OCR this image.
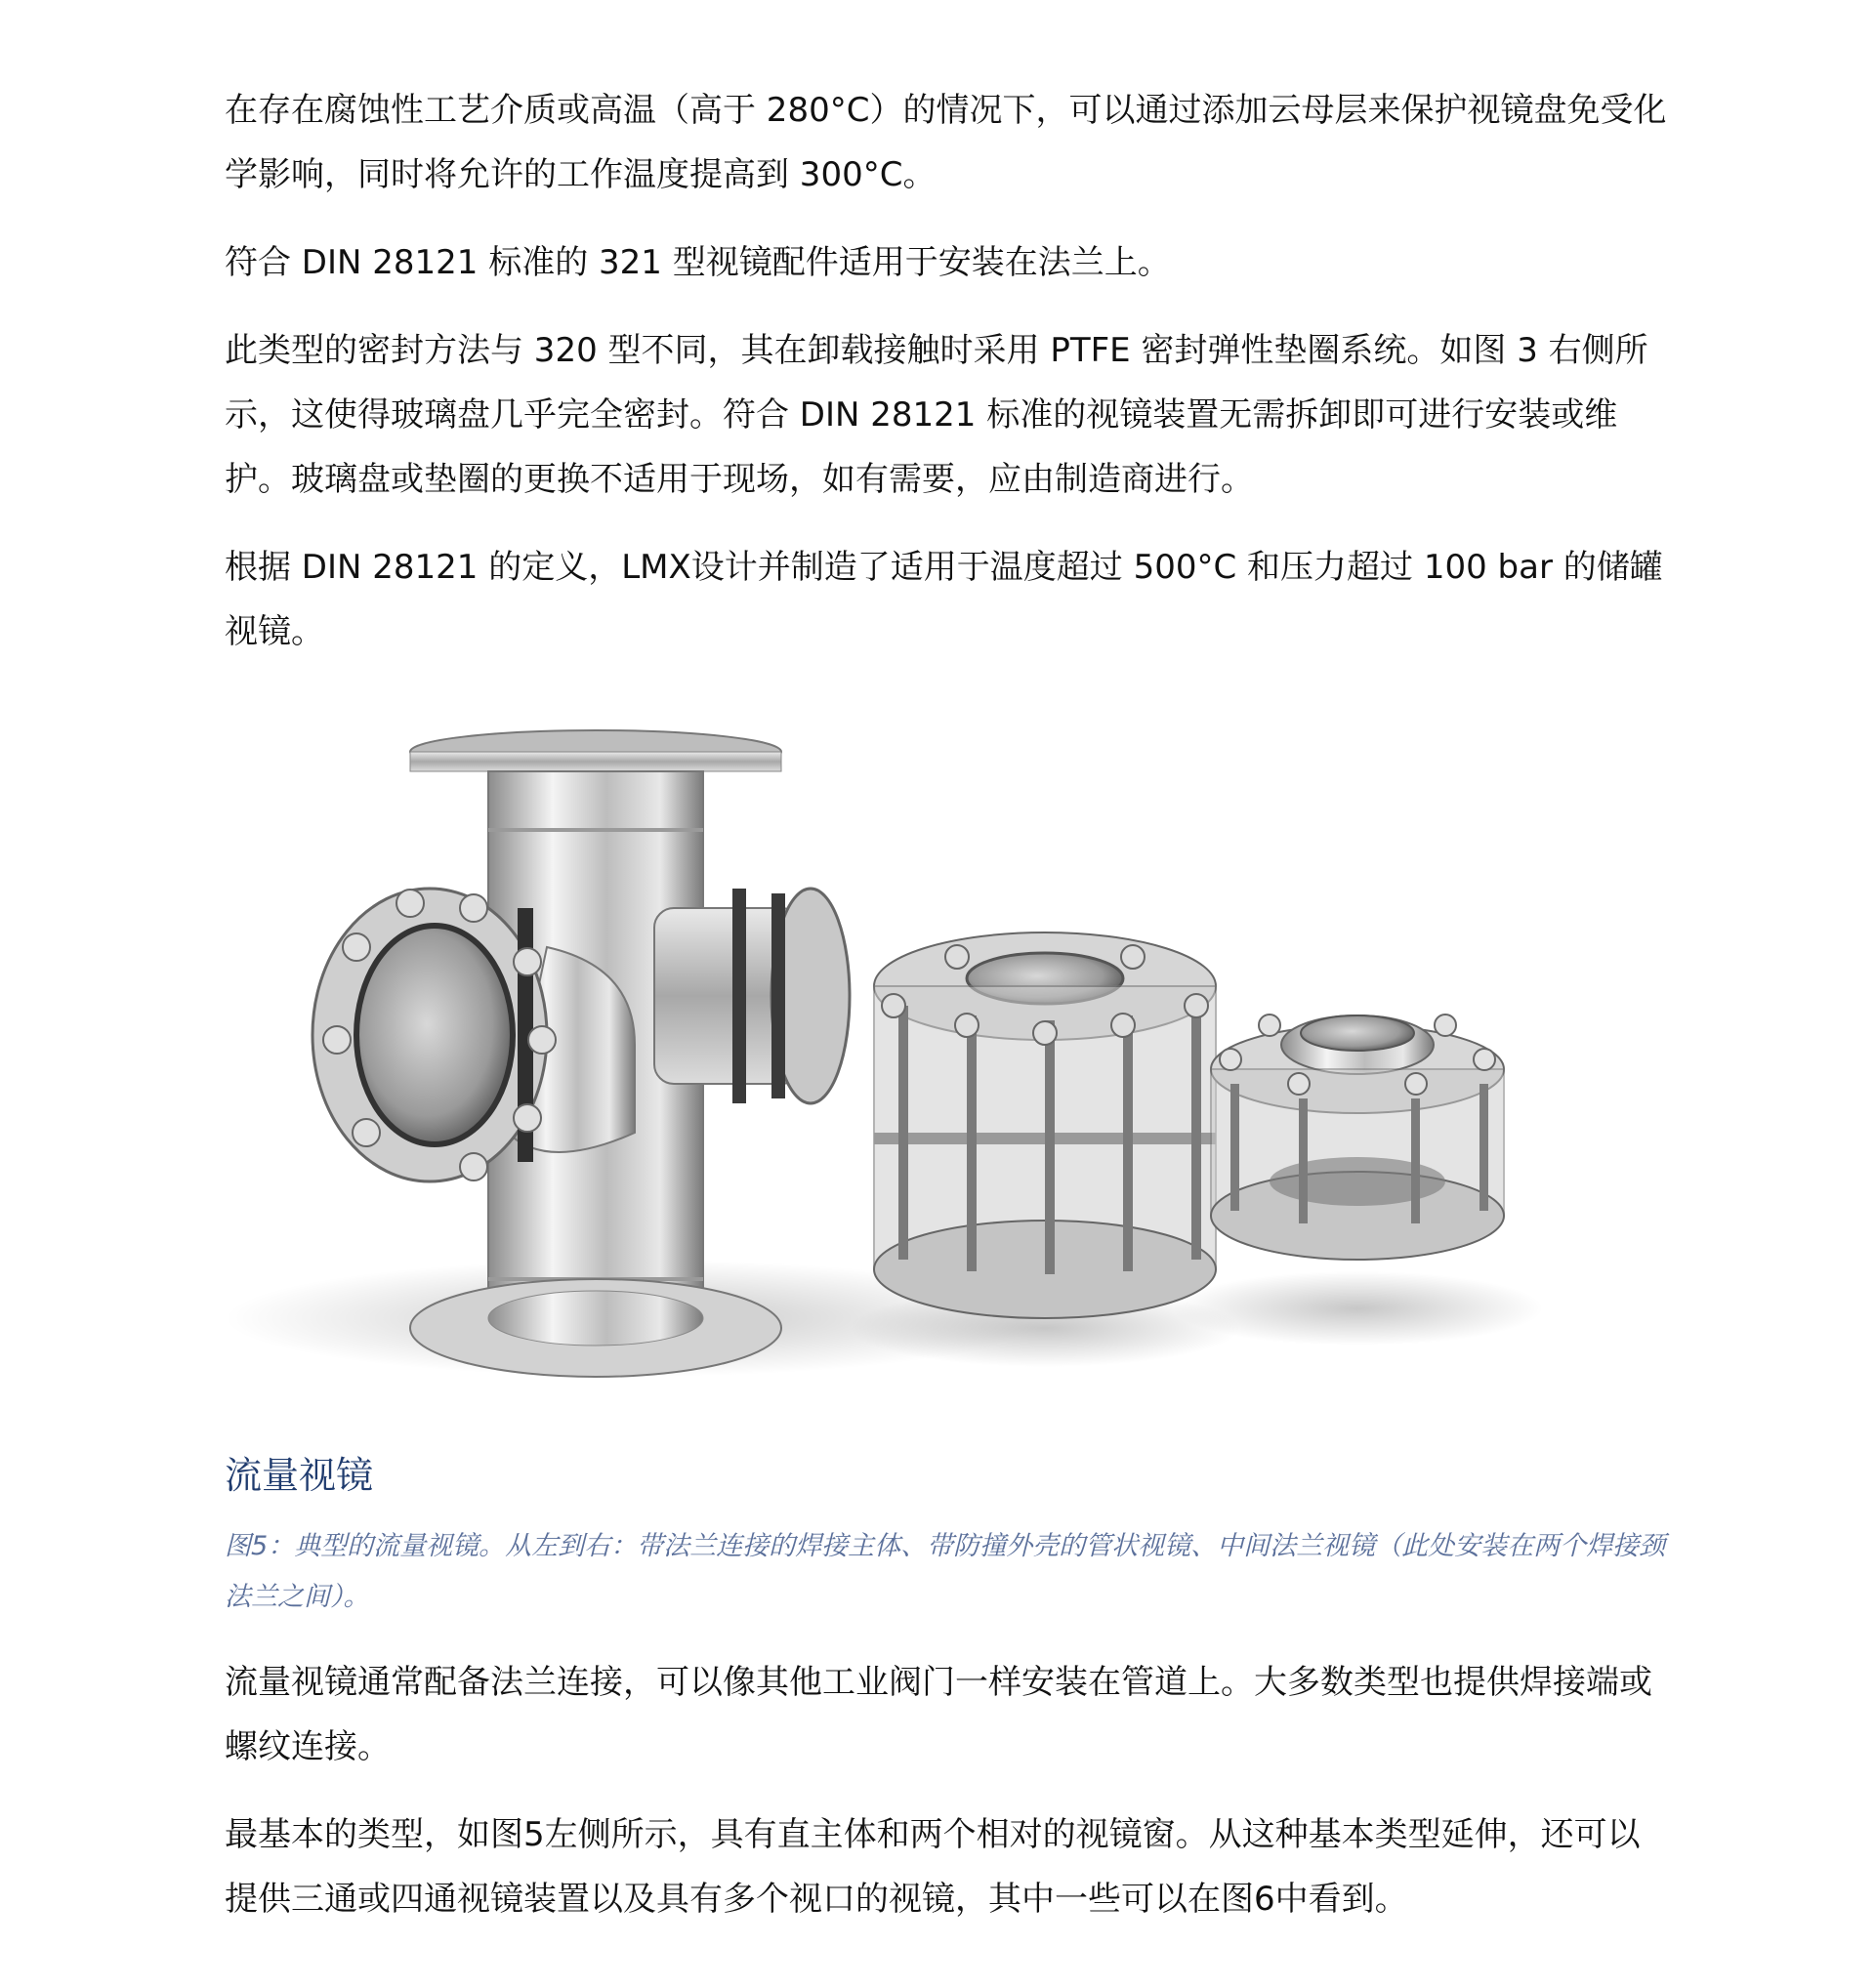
在存在腐蚀性工艺介质或高温（高于 280°C）的情况下，可以通过添加云母层来保护视镜盘免受化学影响，同时将允许的工作温度提高到 300°C。

符合 DIN 28121 标准的 321 型视镜配件适用于安装在法兰上。

此类型的密封方法与 320 型不同，其在卸载接触时采用 PTFE 密封弹性垫圈系统。如图 3 右侧所示，这使得玻璃盘几乎完全密封。符合 DIN 28121 标准的视镜装置无需拆卸即可进行安装或维护。玻璃盘或垫圈的更换不适用于现场，如有需要，应由制造商进行。

根据 DIN 28121 的定义，LMX设计并制造了适用于温度超过 500°C 和压力超过 100 bar 的储罐视镜。

流量视镜

图5：典型的流量视镜。从左到右：带法兰连接的焊接主体、带防撞外壳的管状视镜、中间法兰视镜（此处安装在两个焊接颈法兰之间）。

流量视镜通常配备法兰连接，可以像其他工业阀门一样安装在管道上。大多数类型也提供焊接端或螺纹连接。

最基本的类型，如图5左侧所示，具有直主体和两个相对的视镜窗。从这种基本类型延伸，还可以提供三通或四通视镜装置以及具有多个视口的视镜，其中一些可以在图6中看到。
